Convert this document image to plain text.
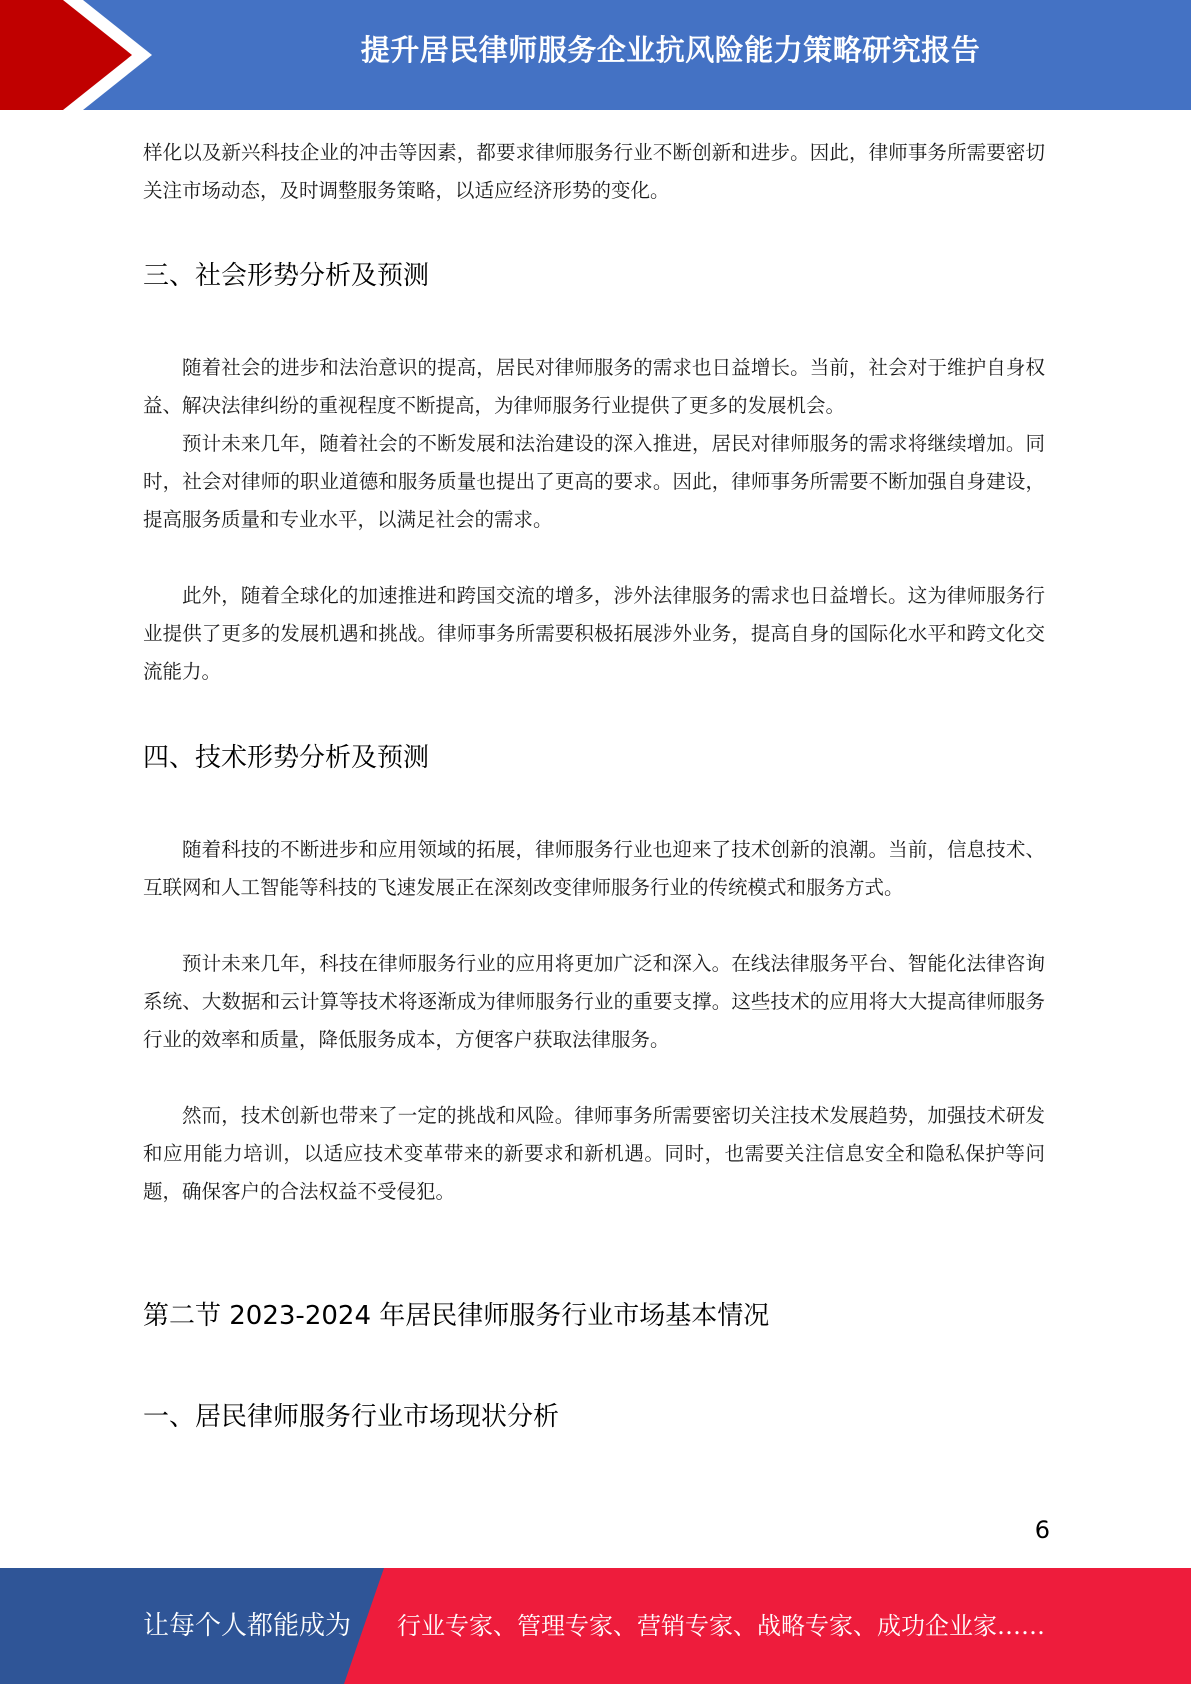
提升居民律师服务企业抗风险能力策略研究报告

样化以及新兴科技企业的冲击等因素，都要求律师服务行业不断创新和进步。因此，律师事务所需要密切关注市场动态，及时调整服务策略，以适应经济形势的变化。

三、社会形势分析及预测

随着社会的进步和法治意识的提高，居民对律师服务的需求也日益增长。当前，社会对于维护自身权益、解决法律纠纷的重视程度不断提高，为律师服务行业提供了更多的发展机会。

预计未来几年，随着社会的不断发展和法治建设的深入推进，居民对律师服务的需求将继续增加。同时，社会对律师的职业道德和服务质量也提出了更高的要求。因此，律师事务所需要不断加强自身建设，提高服务质量和专业水平，以满足社会的需求。

此外，随着全球化的加速推进和跨国交流的增多，涉外法律服务的需求也日益增长。这为律师服务行业提供了更多的发展机遇和挑战。律师事务所需要积极拓展涉外业务，提高自身的国际化水平和跨文化交流能力。

四、技术形势分析及预测

随着科技的不断进步和应用领域的拓展，律师服务行业也迎来了技术创新的浪潮。当前，信息技术、互联网和人工智能等科技的飞速发展正在深刻改变律师服务行业的传统模式和服务方式。

预计未来几年，科技在律师服务行业的应用将更加广泛和深入。在线法律服务平台、智能化法律咨询系统、大数据和云计算等技术将逐渐成为律师服务行业的重要支撑。这些技术的应用将大大提高律师服务行业的效率和质量，降低服务成本，方便客户获取法律服务。

然而，技术创新也带来了一定的挑战和风险。律师事务所需要密切关注技术发展趋势，加强技术研发和应用能力培训，以适应技术变革带来的新要求和新机遇。同时，也需要关注信息安全和隐私保护等问题，确保客户的合法权益不受侵犯。

第二节 2023-2024 年居民律师服务行业市场基本情况
一、居民律师服务行业市场现状分析
6
让每个人都能成为 行业专家、管理专家、营销专家、战略专家、成功企业家……
